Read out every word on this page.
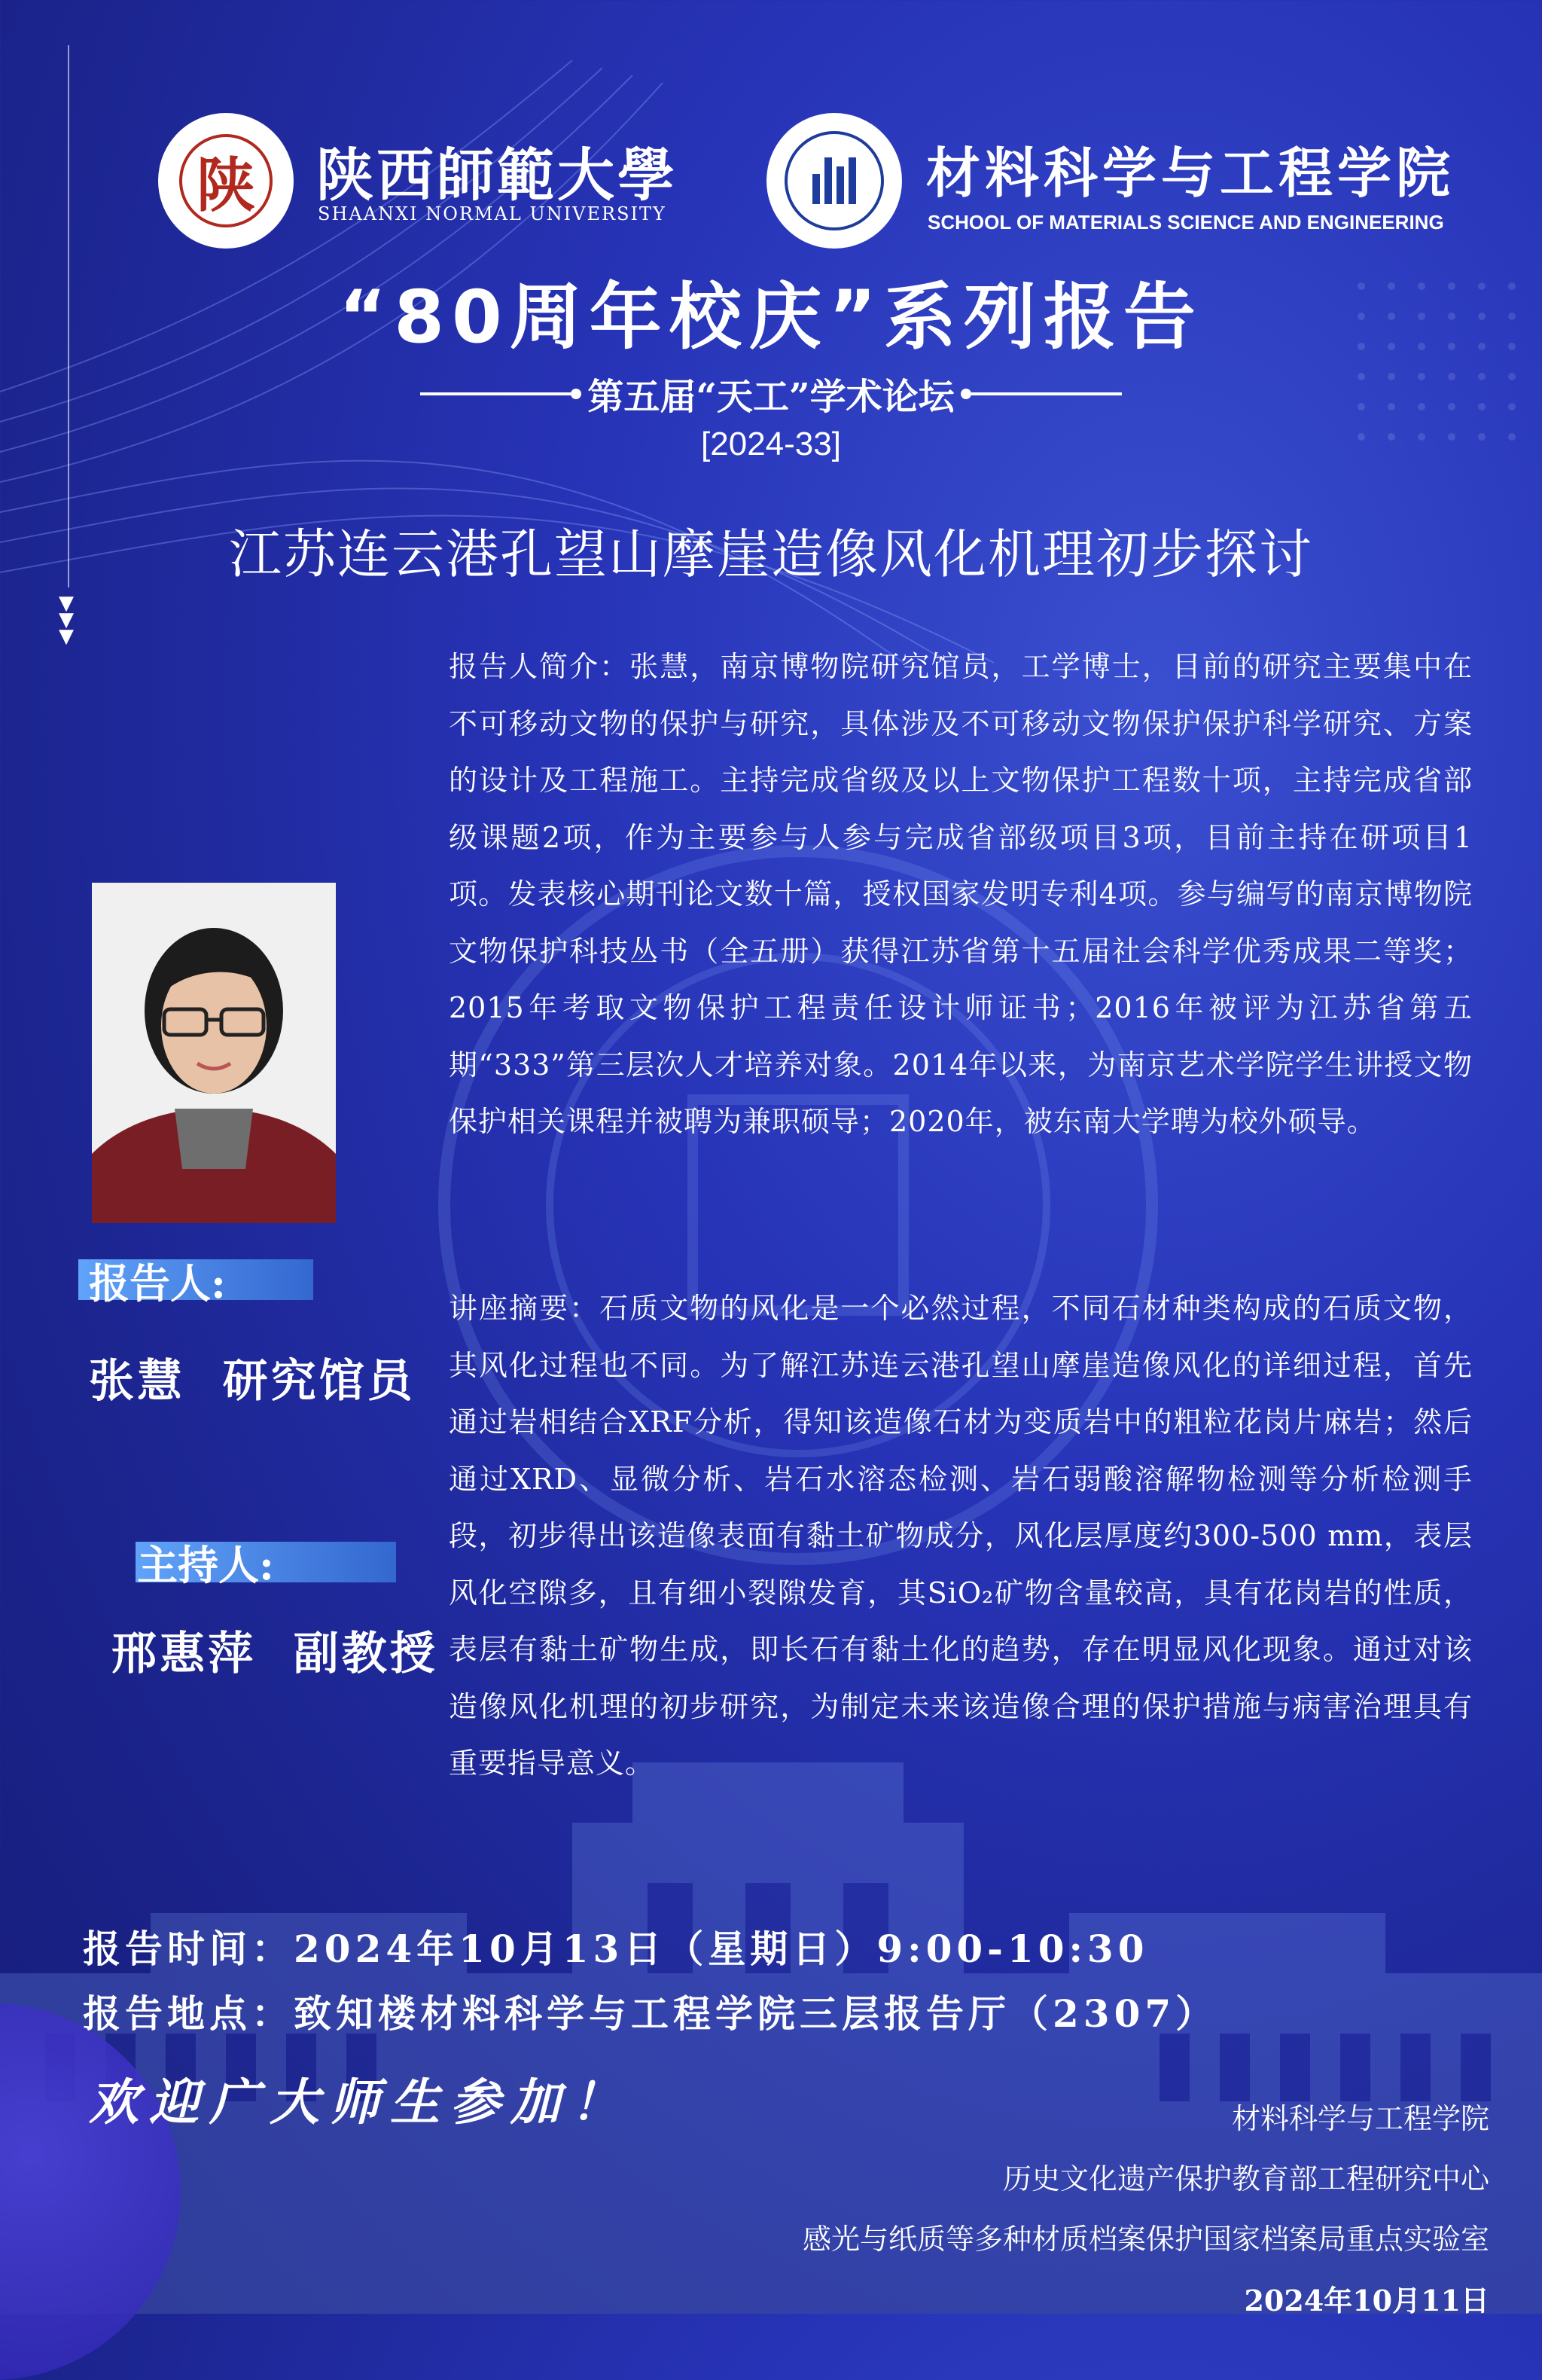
▼
▼
▼
陕 陕西師範大學
SHAANXI NORMAL UNIVERSITY
材料科学与工程学院
SCHOOL OF MATERIALS SCIENCE AND ENGINEERING
“80周年校庆”系列报告
第五届“天工”学术论坛
[2024-33]
江苏连云港孔望山摩崖造像风化机理初步探讨
报告人:
张慧  研究馆员
主持人:
邢惠萍  副教授
报告人简介：张慧，南京博物院研究馆员，工学博士，目前的研究主要集中在不可移动文物的保护与研究，具体涉及不可移动文物保护保护科学研究、方案的设计及工程施工。主持完成省级及以上文物保护工程数十项，主持完成省部级课题2项，作为主要参与人参与完成省部级项目3项，目前主持在研项目1项。发表核心期刊论文数十篇，授权国家发明专利4项。参与编写的南京博物院文物保护科技丛书（全五册）获得江苏省第十五届社会科学优秀成果二等奖；2015年考取文物保护工程责任设计师证书；2016年被评为江苏省第五期“333”第三层次人才培养对象。2014年以来，为南京艺术学院学生讲授文物保护相关课程并被聘为兼职硕导；2020年，被东南大学聘为校外硕导。
讲座摘要：石质文物的风化是一个必然过程，不同石材种类构成的石质文物，其风化过程也不同。为了解江苏连云港孔望山摩崖造像风化的详细过程，首先通过岩相结合XRF分析，得知该造像石材为变质岩中的粗粒花岗片麻岩；然后通过XRD、显微分析、岩石水溶态检测、岩石弱酸溶解物检测等分析检测手段，初步得出该造像表面有黏土矿物成分，风化层厚度约300-500 mm，表层风化空隙多，且有细小裂隙发育，其SiO₂矿物含量较高，具有花岗岩的性质，表层有黏土矿物生成，即长石有黏土化的趋势，存在明显风化现象。通过对该造像风化机理的初步研究，为制定未来该造像合理的保护措施与病害治理具有重要指导意义。
报告时间：2024年10月13日（星期日）9:00-10:30
报告地点：致知楼材料科学与工程学院三层报告厅（2307）
欢迎广大师生参加！	材料科学与工程学院
历史文化遗产保护教育部工程研究中心
感光与纸质等多种材质档案保护国家档案局重点实验室
2024年10月11日
